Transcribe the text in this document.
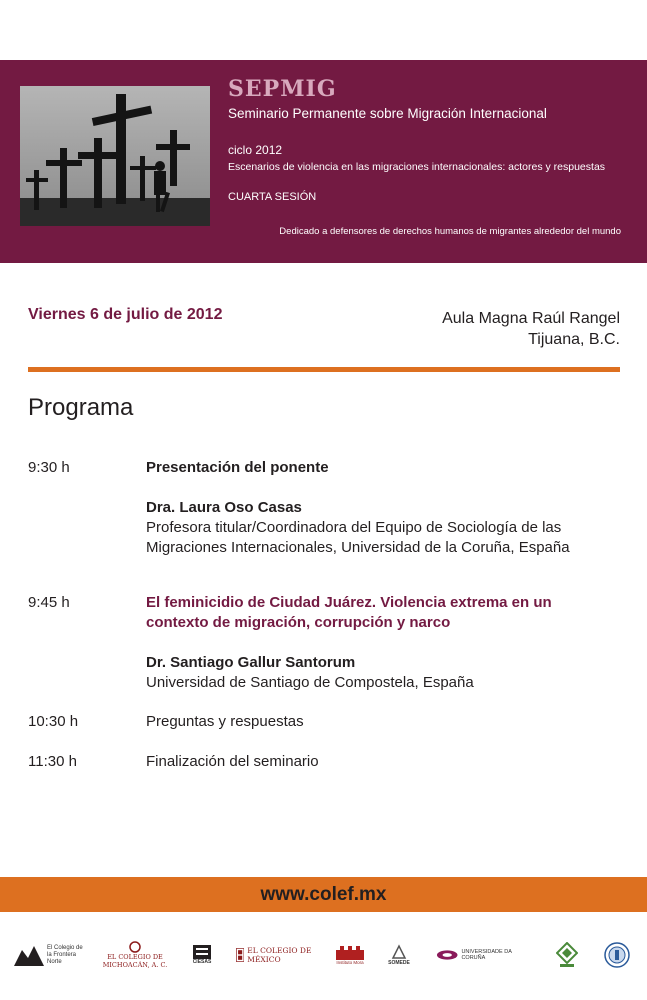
SEPMIG
Seminario Permanente sobre Migración Internacional
ciclo 2012
Escenarios de violencia en las migraciones internacionales: actores y respuestas
CUARTA SESIÓN
Dedicado a defensores de derechos humanos de migrantes alrededor del mundo
Viernes 6 de julio de 2012	Aula Magna Raúl Rangel
Tijuana, B.C.
Programa
9:30 h	Presentación del ponente
Dra. Laura Oso Casas
Profesora titular/Coordinadora del Equipo de Sociología de las Migraciones Internacionales, Universidad de la Coruña, España
9:45 h	El feminicidio de Ciudad Juárez. Violencia extrema en un contexto de migración, corrupción y narco
Dr. Santiago Gallur Santorum
Universidad de Santiago de Compostela, España
10:30 h	Preguntas y respuestas
11:30 h	Finalización del seminario
www.colef.mx
El Colegio de la Frontera Norte
EL COLEGIO DE MICHOACÁN, A. C.	CIESAS
EL COLEGIO DE MÉXICO	Instituto Mora	SOMEDE
UNIVERSIDADE DA CORUÑA
